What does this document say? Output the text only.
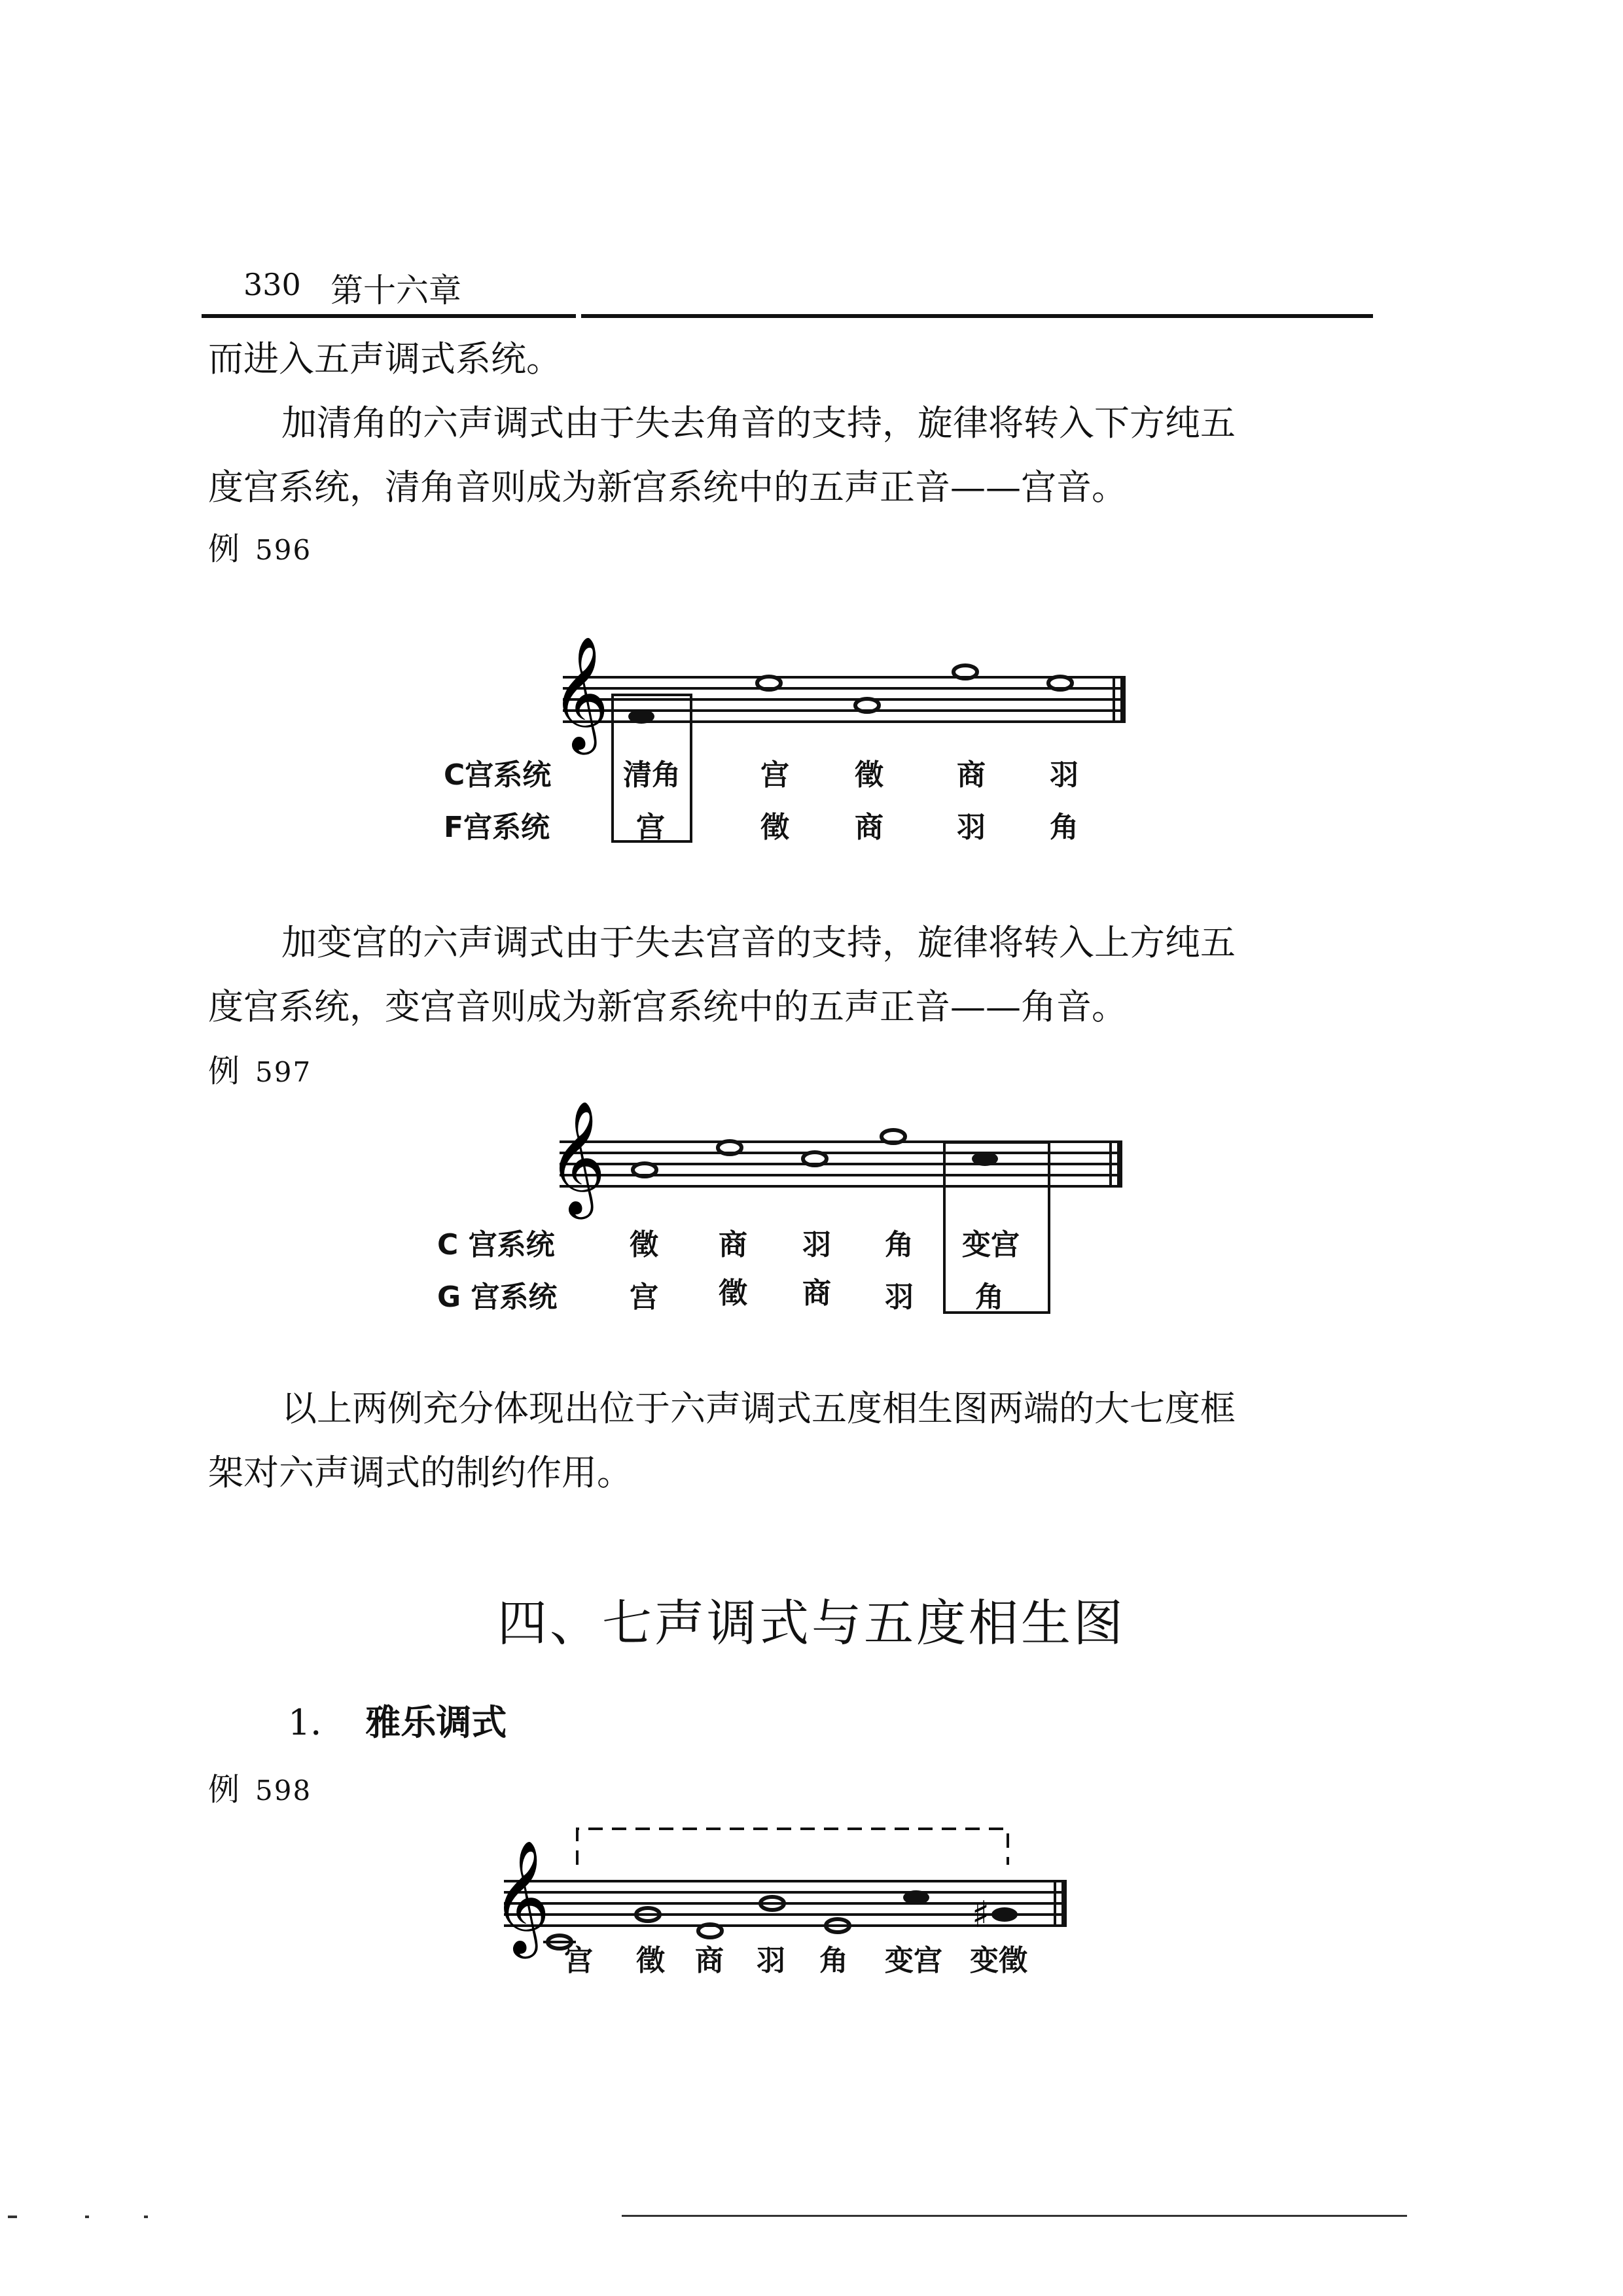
330 第十六章
而进入五声调式系统。
加清角的六声调式由于失去角音的支持，旋律将转入下方纯五
度宫系统，清角音则成为新宫系统中的五声正音——宫音。
例 596
𝄞
C宫系统 清角	宫 徵	商 羽
F宫系统	宫	徵 商	羽 角
加变宫的六声调式由于失去宫音的支持，旋律将转入上方纯五
度宫系统，变宫音则成为新宫系统中的五声正音——角音。
例 597
𝄞
C 宫系统	徵 商 羽 角 变宫
G 宫系统	宫 徵 商 羽 角
以上两例充分体现出位于六声调式五度相生图两端的大七度框
架对六声调式的制约作用。
四、七声调式与五度相生图
1． 雅乐调式
例 598
𝄞	♯
宫 徵 商 羽 角 变宫 变徵
